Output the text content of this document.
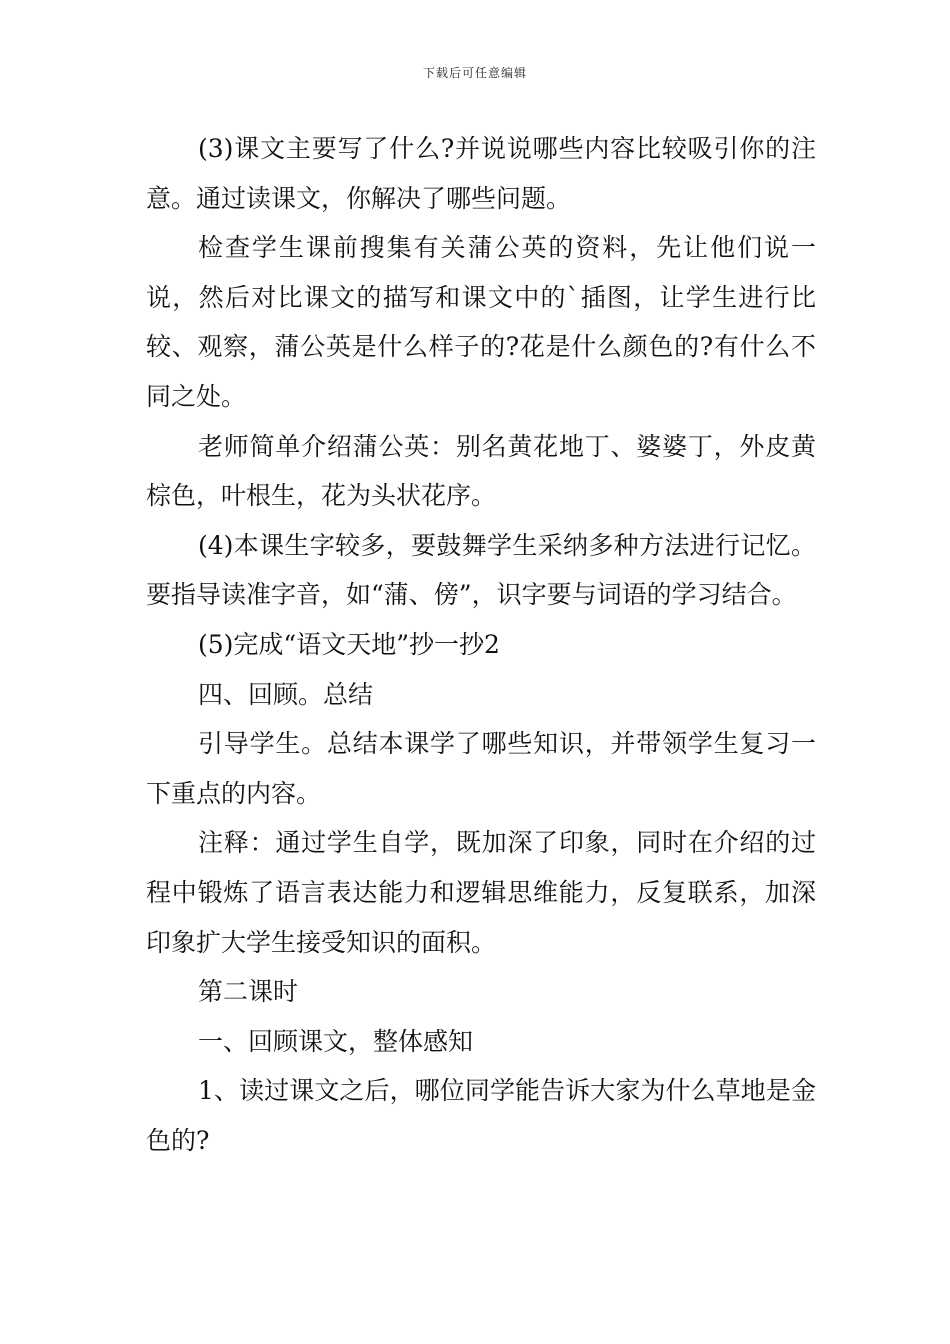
下载后可任意编辑

(3)课文主要写了什么?并说说哪些内容比较吸引你的注意。通过读课文，你解决了哪些问题。

检查学生课前搜集有关蒲公英的资料，先让他们说一说，然后对比课文的描写和课文中的`插图，让学生进行比较、观察，蒲公英是什么样子的?花是什么颜色的?有什么不同之处。

老师简单介绍蒲公英：别名黄花地丁、婆婆丁，外皮黄棕色，叶根生，花为头状花序。

(4)本课生字较多，要鼓舞学生采纳多种方法进行记忆。要指导读准字音，如“蒲、傍”，识字要与词语的学习结合。

(5)完成“语文天地”抄一抄2

四、回顾。总结

引导学生。总结本课学了哪些知识，并带领学生复习一下重点的内容。

注释：通过学生自学，既加深了印象，同时在介绍的过程中锻炼了语言表达能力和逻辑思维能力，反复联系，加深印象扩大学生接受知识的面积。

第二课时

一、回顾课文，整体感知

1、读过课文之后，哪位同学能告诉大家为什么草地是金色的?
